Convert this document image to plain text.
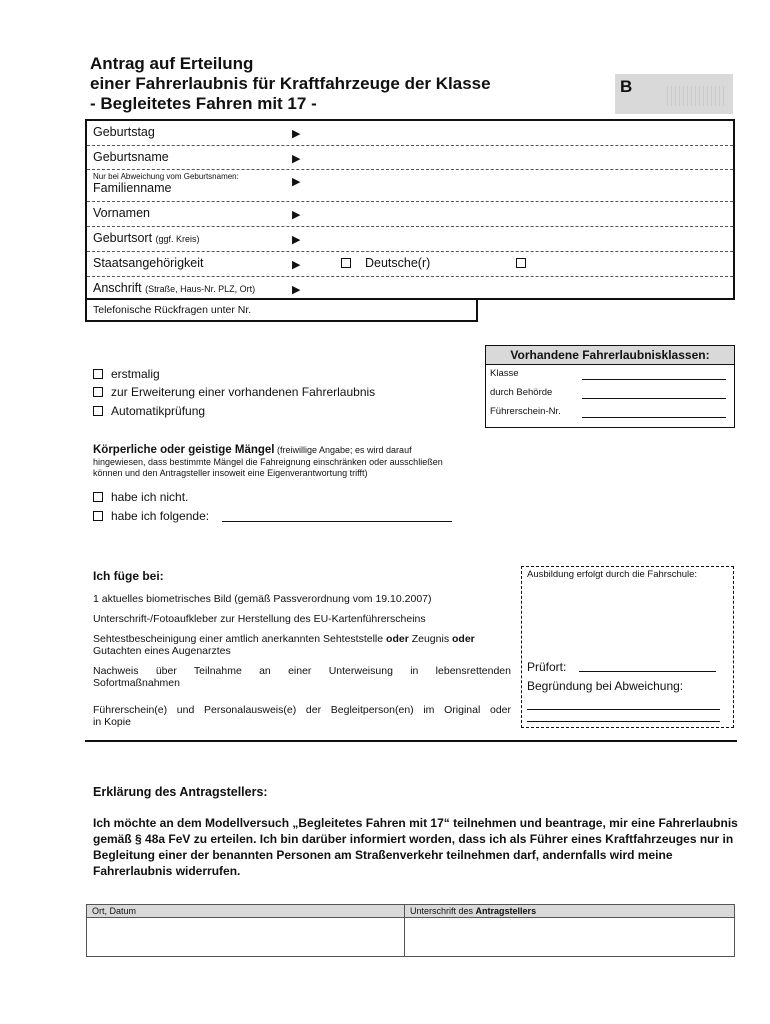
Antrag auf Erteilung
einer Fahrerlaubnis für Kraftfahrzeuge der Klasse
- Begleitetes Fahren mit 17 -
B
Geburtstag	▶
Geburtsname	▶
Nur bei Abweichung vom Geburtsnamen:
Familienname	▶
Vornamen	▶
Geburtsort (ggf. Kreis)	▶
Staatsangehörigkeit	▶	Deutsche(r)
Anschrift (Straße, Haus-Nr. PLZ, Ort)	▶
Telefonische Rückfragen unter Nr.
erstmalig
zur Erweiterung einer vorhandenen Fahrerlaubnis
Automatikprüfung
Vorhandene Fahrerlaubnisklassen:
Klasse
durch Behörde
Führerschein-Nr.
Körperliche oder geistige Mängel (freiwillige Angabe; es wird darauf hingewiesen, dass bestimmte Mängel die Fahreignung einschränken oder ausschließen können und den Antragsteller insoweit eine Eigenverantwortung trifft)
habe ich nicht.
habe ich folgende:
Ich füge bei:
1 aktuelles biometrisches Bild (gemäß Passverordnung vom 19.10.2007)
Unterschrift-/Fotoaufkleber zur Herstellung des EU-Kartenführerscheins
Sehtestbescheinigung einer amtlich anerkannten Sehteststelle oder Zeugnis oder
Gutachten eines Augenarztes
Nachweis über Teilnahme an einer Unterweisung in lebensrettenden
Sofortmaßnahmen
Führerschein(e) und Personalausweis(e) der Begleitperson(en) im Original oder
in Kopie
Ausbildung erfolgt durch die Fahrschule:
Prüfort:
Begründung bei Abweichung:
Erklärung des Antragstellers:
Ich möchte an dem Modellversuch „Begleitetes Fahren mit 17“ teilnehmen und beantrage, mir eine Fahrerlaubnis gemäß § 48a FeV zu erteilen. Ich bin darüber informiert worden, dass ich als Führer eines Kraftfahrzeuges nur in Begleitung einer der benannten Personen am Straßenverkehr teilnehmen darf, andernfalls wird meine Fahrerlaubnis widerrufen.
Ort, Datum	Unterschrift des Antragstellers
